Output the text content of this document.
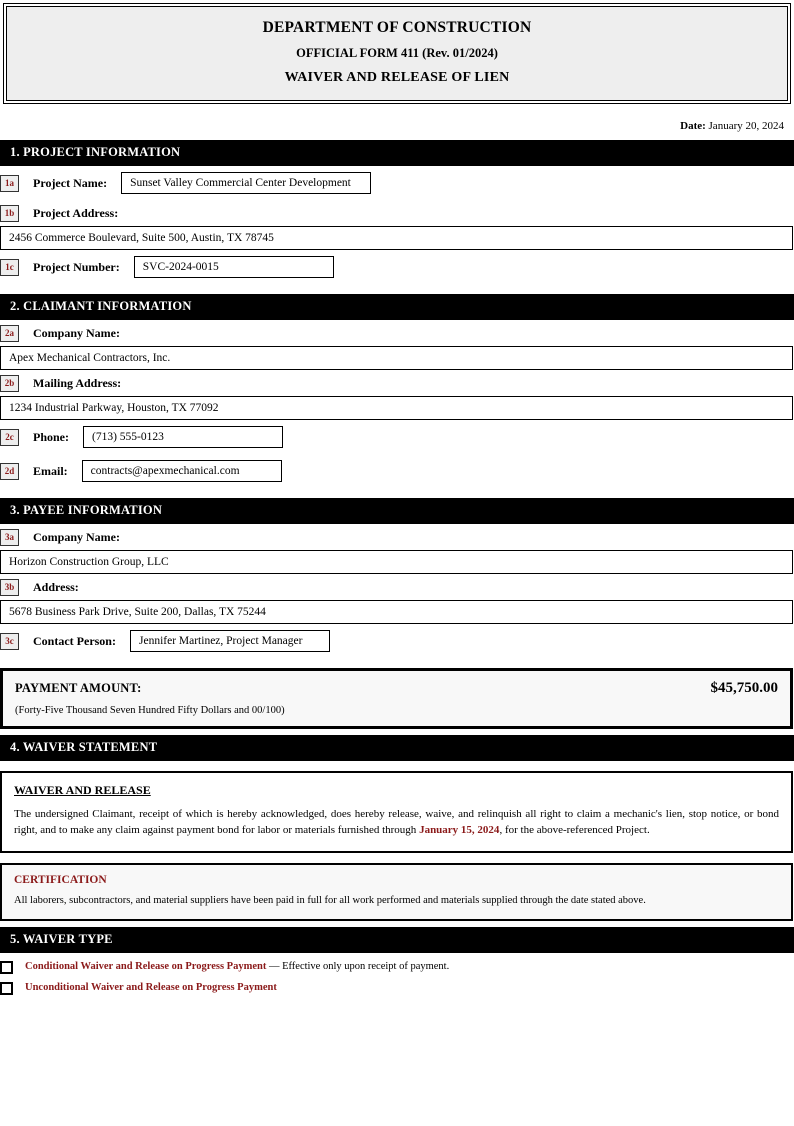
DEPARTMENT OF CONSTRUCTION
OFFICIAL FORM 411 (Rev. 01/2024)
WAIVER AND RELEASE OF LIEN
Date: January 20, 2024
1. PROJECT INFORMATION
1a	Project Name:	Sunset Valley Commercial Center Development
1b	Project Address:
2456 Commerce Boulevard, Suite 500, Austin, TX 78745
1c	Project Number:	SVC-2024-0015
2. CLAIMANT INFORMATION
2a	Company Name:
Apex Mechanical Contractors, Inc.
2b	Mailing Address:
1234 Industrial Parkway, Houston, TX 77092
2c	Phone:	(713) 555-0123
2d	Email:	contracts@apexmechanical.com
3. PAYEE INFORMATION
3a	Company Name:
Horizon Construction Group, LLC
3b	Address:
5678 Business Park Drive, Suite 200, Dallas, TX 75244
3c	Contact Person:	Jennifer Martinez, Project Manager
PAYMENT AMOUNT:	$45,750.00
(Forty-Five Thousand Seven Hundred Fifty Dollars and 00/100)
4. WAIVER STATEMENT
WAIVER AND RELEASE
The undersigned Claimant, receipt of which is hereby acknowledged, does hereby release, waive, and relinquish all right to claim a mechanic's lien, stop notice, or bond right, and to make any claim against payment bond for labor or materials furnished through January 15, 2024, for the above-referenced Project.
CERTIFICATION
All laborers, subcontractors, and material suppliers have been paid in full for all work performed and materials supplied through the date stated above.
5. WAIVER TYPE
Conditional Waiver and Release on Progress Payment — Effective only upon receipt of payment.
Unconditional Waiver and Release on Progress Payment
